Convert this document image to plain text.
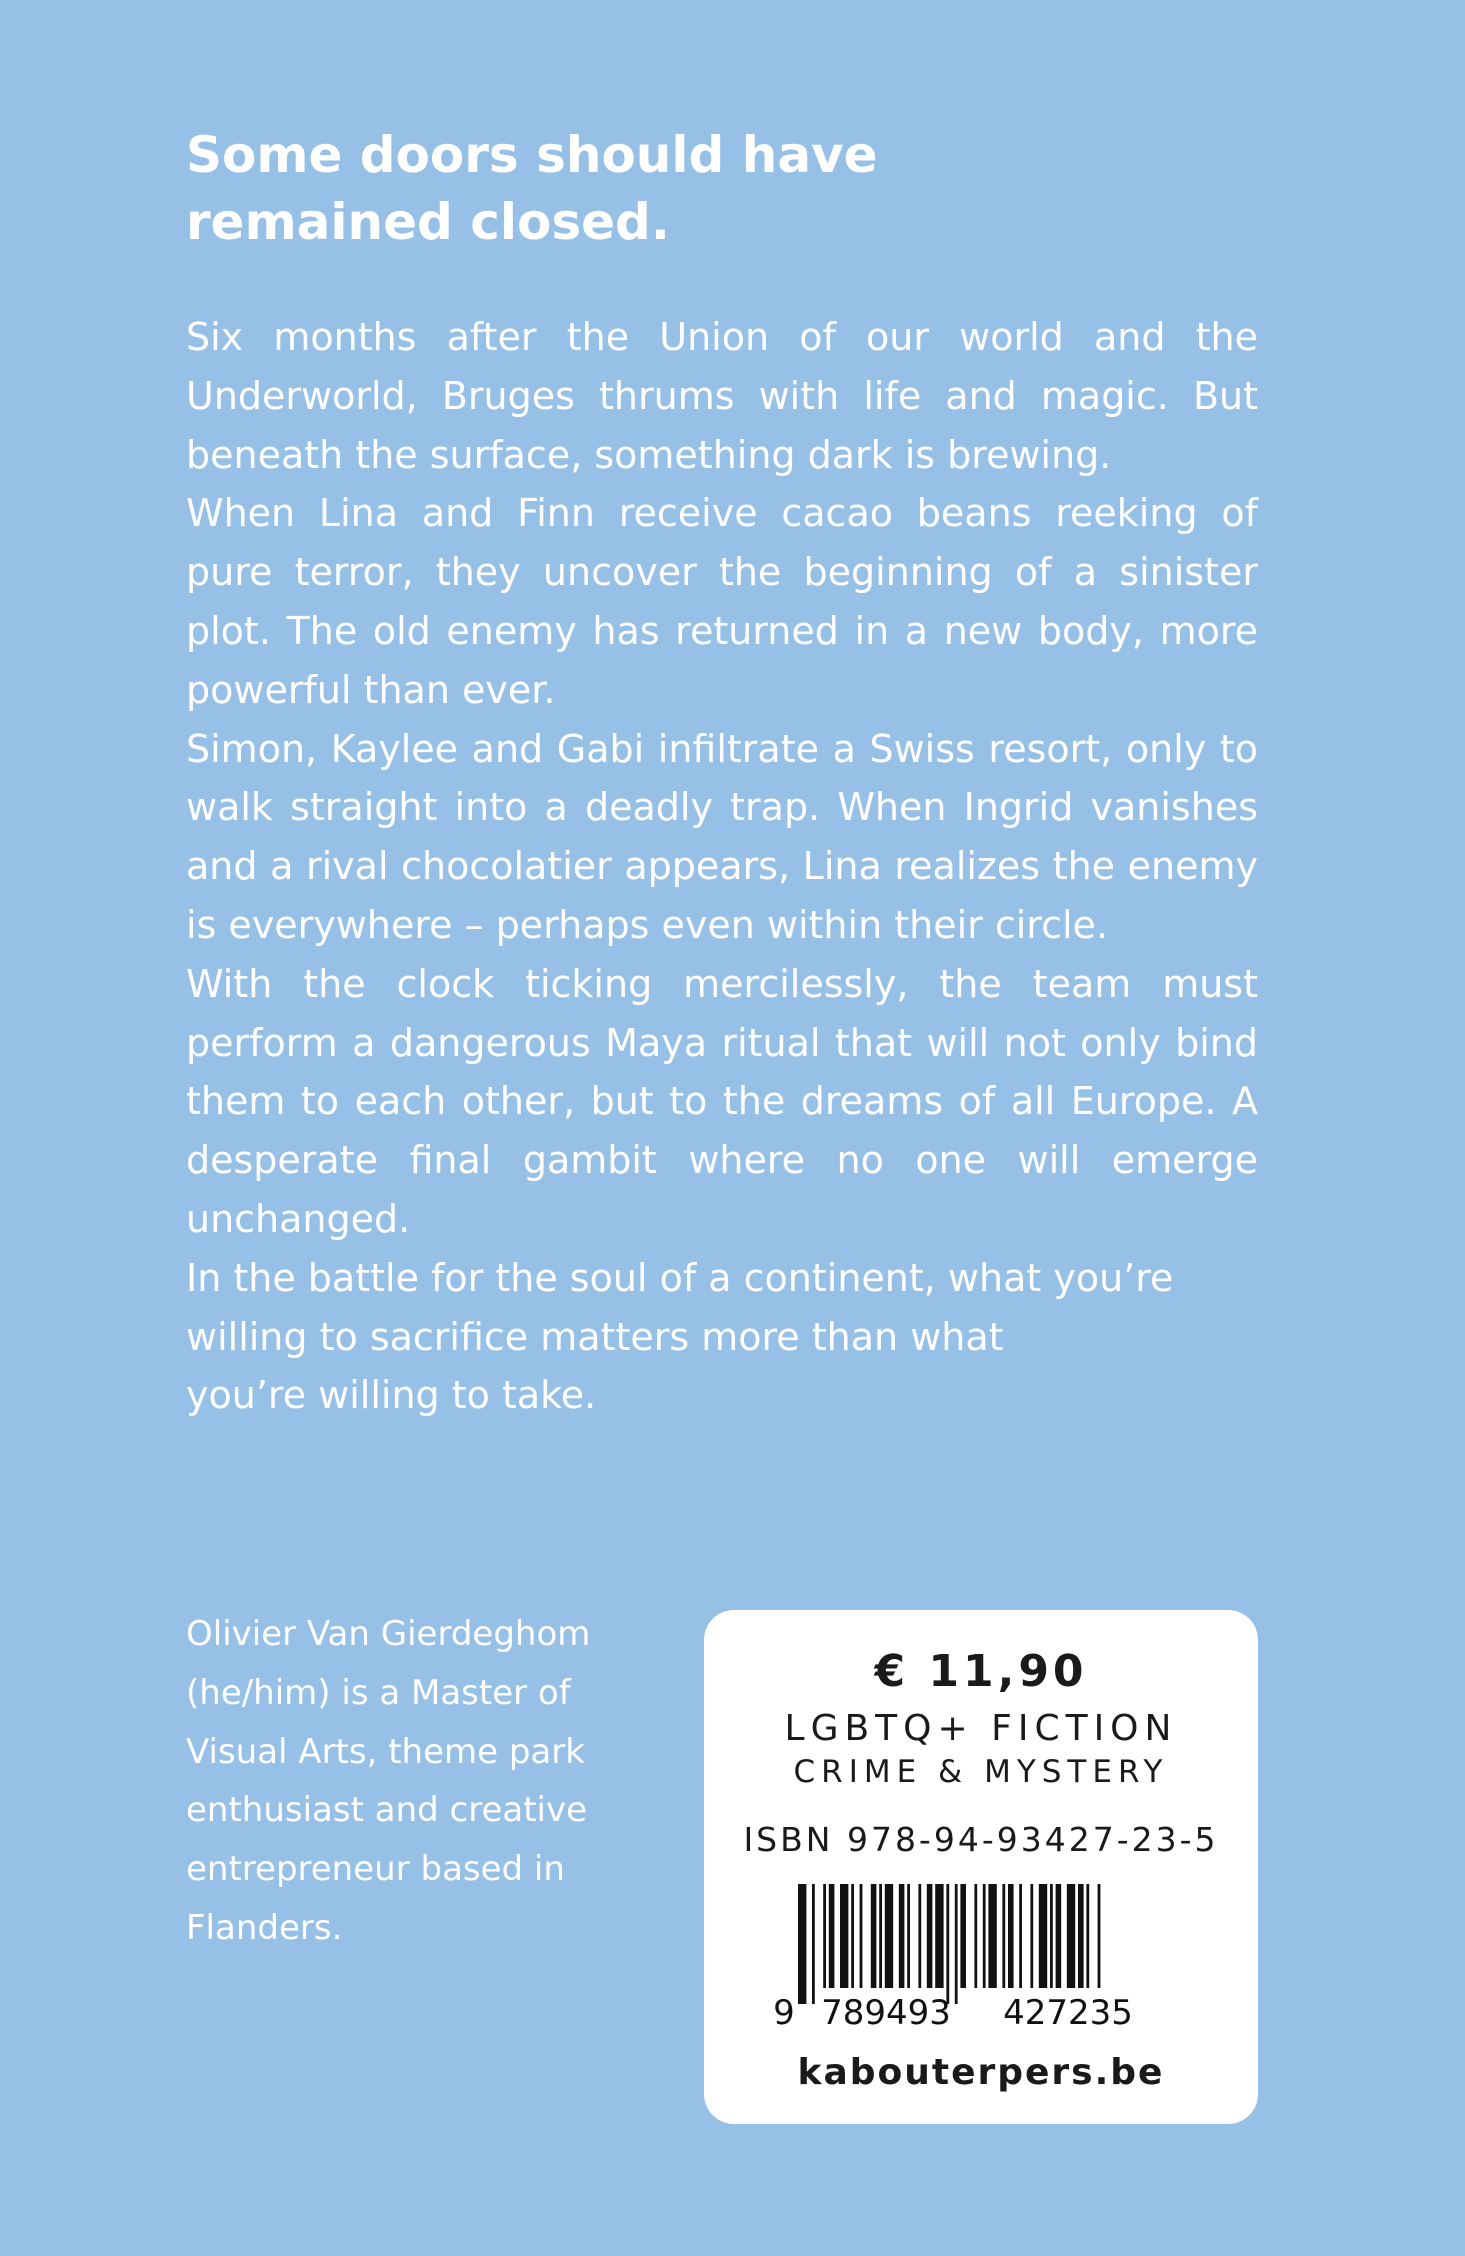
Some doors should have
remained closed.

Six months after the Union of our world and the Underworld, Bruges thrums with life and magic. But beneath the surface, something dark is brewing.

When Lina and Finn receive cacao beans reeking of pure terror, they uncover the beginning of a sinister plot. The old enemy has returned in a new body, more powerful than ever.

Simon, Kaylee and Gabi infiltrate a Swiss resort, only to walk straight into a deadly trap. When Ingrid vanishes and a rival chocolatier appears, Lina realizes the enemy is everywhere – perhaps even within their circle.

With the clock ticking mercilessly, the team must perform a dangerous Maya ritual that will not only bind them to each other, but to the dreams of all Europe. A desperate final gambit where no one will emerge unchanged.

In the battle for the soul of a continent, what you’re willing to sacrifice matters more than what
you’re willing to take.

Olivier Van Gierdeghom
(he/him) is a Master of
Visual Arts, theme park
enthusiast and creative
entrepreneur based in
Flanders.

€ 11,90
LGBTQ+ FICTION
CRIME & MYSTERY
ISBN 978-94-93427-23-5
9 789493 427235
kabouterpers.be
